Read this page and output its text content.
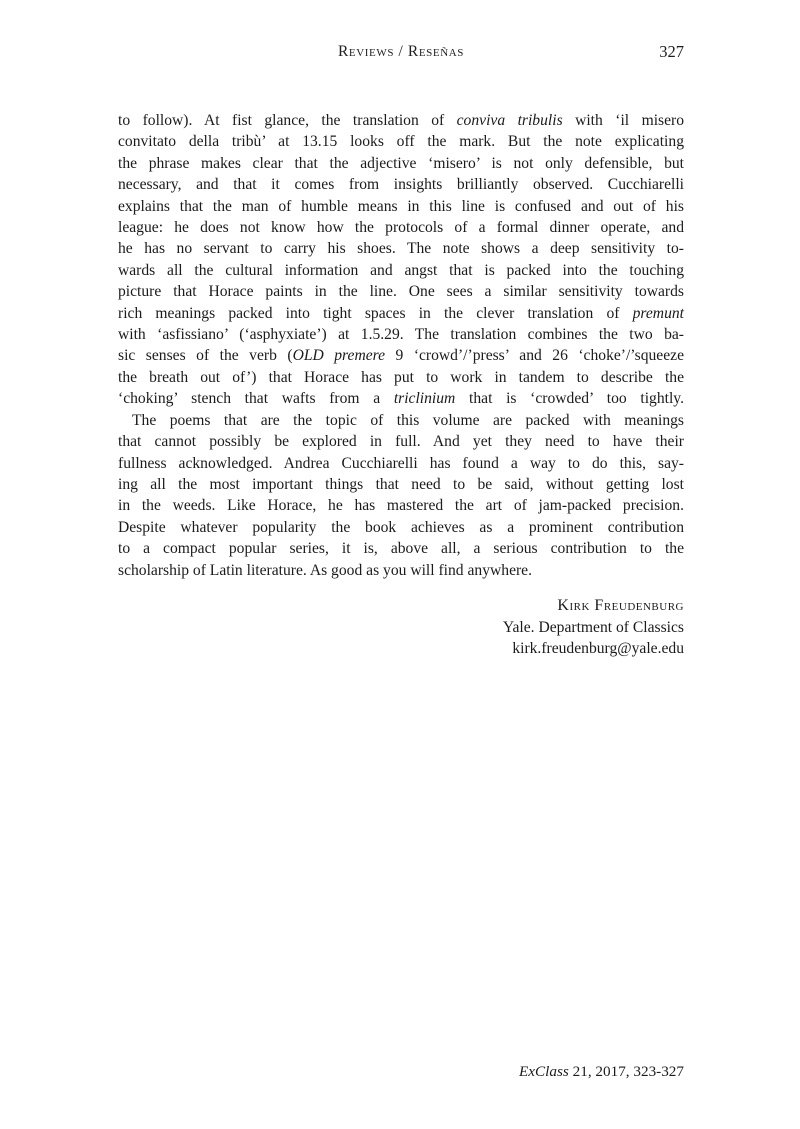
Reviews / Reseñas	327
to follow). At fist glance, the translation of conviva tribulis with ‘il misero
convitato della tribù’ at 13.15 looks off the mark. But the note explicating
the phrase makes clear that the adjective ‘misero’ is not only defensible, but
necessary, and that it comes from insights brilliantly observed. Cucchiarelli
explains that the man of humble means in this line is confused and out of his
league: he does not know how the protocols of a formal dinner operate, and
he has no servant to carry his shoes. The note shows a deep sensitivity to-
wards all the cultural information and angst that is packed into the touching
picture that Horace paints in the line. One sees a similar sensitivity towards
rich meanings packed into tight spaces in the clever translation of premunt
with ‘asfissiano’ (‘asphyxiate’) at 1.5.29. The translation combines the two ba-
sic senses of the verb (OLD premere 9 ‘crowd’/’press’ and 26 ‘choke’/’squeeze
the breath out of’) that Horace has put to work in tandem to describe the
‘choking’ stench that wafts from a triclinium that is ‘crowded’ too tightly.
The poems that are the topic of this volume are packed with meanings
that cannot possibly be explored in full. And yet they need to have their
fullness acknowledged. Andrea Cucchiarelli has found a way to do this, say-
ing all the most important things that need to be said, without getting lost
in the weeds. Like Horace, he has mastered the art of jam-packed precision.
Despite whatever popularity the book achieves as a prominent contribution
to a compact popular series, it is, above all, a serious contribution to the
scholarship of Latin literature. As good as you will find anywhere.
Kirk Freudenburg
Yale. Department of Classics
kirk.freudenburg@yale.edu
ExClass 21, 2017, 323-327
